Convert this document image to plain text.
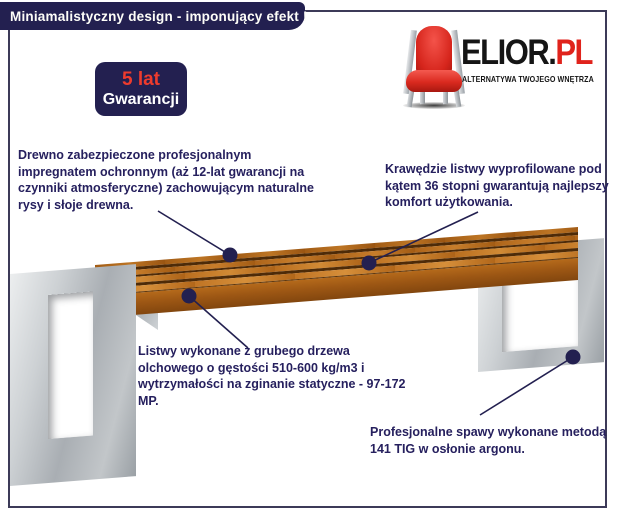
Miniamalistyczny design - imponujący efekt !
5 lat
Gwarancji
ELIOR.PL
ALTERNATYWA TWOJEGO WNĘTRZA
Drewno zabezpieczone profesjonalnym impregnatem ochronnym (aż 12-lat gwarancji na czynniki atmosferyczne) zachowującym naturalne rysy i słoje drewna.
Krawędzie listwy wyprofilowane pod kątem 36 stopni gwarantują najlepszy komfort użytkowania.
Listwy wykonane z grubego drzewa olchowego o gęstości 510-600 kg/m3 i wytrzymałości na zginanie statyczne - 97-172 MP.
Profesjonalne spawy wykonane metodą 141 TIG w osłonie argonu.
